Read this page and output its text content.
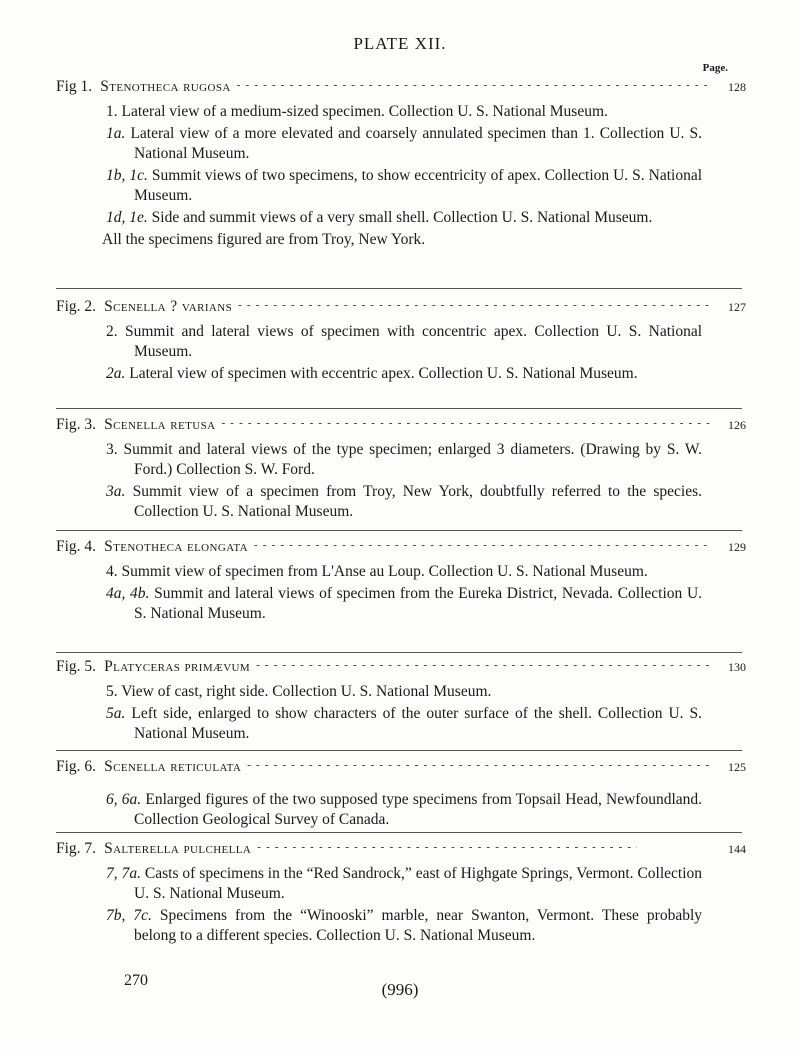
PLATE XII.
Page.
Fig 1. Stenotheca rugosa - - -	128
1. Lateral view of a medium-sized specimen. Collection U. S. National Museum.
1a. Lateral view of a more elevated and coarsely annulated specimen than 1. Collection U. S. National Museum.
1b, 1c. Summit views of two specimens, to show eccentricity of apex. Collection U. S. National Museum.
1d, 1e. Side and summit views of a very small shell. Collection U. S. National Museum.
All the specimens figured are from Troy, New York.
Fig. 2. Scenella ? varians - - -	127
2. Summit and lateral views of specimen with concentric apex. Collection U. S. National Museum.
2a. Lateral view of specimen with eccentric apex. Collection U. S. National Museum.
Fig. 3. Scenella retusa - - -	126
3. Summit and lateral views of the type specimen; enlarged 3 diameters. (Drawing by S. W. Ford.) Collection S. W. Ford.
3a. Summit view of a specimen from Troy, New York, doubtfully referred to the species. Collection U. S. National Museum.
Fig. 4. Stenotheca elongata - - -	129
4. Summit view of specimen from L'Anse au Loup. Collection U. S. National Museum.
4a, 4b. Summit and lateral views of specimen from the Eureka District, Nevada. Collection U. S. National Museum.
Fig. 5. Platyceras primævum - - -	130
5. View of cast, right side. Collection U. S. National Museum.
5a. Left side, enlarged to show characters of the outer surface of the shell. Collection U. S. National Museum.
Fig. 6. Scenella reticulata - - -	125
6, 6a. Enlarged figures of the two supposed type specimens from Topsail Head, Newfoundland. Collection Geological Survey of Canada.
Fig. 7. Salterella pulchella - - -	144
7, 7a. Casts of specimens in the “Red Sandrock,” east of Highgate Springs, Vermont. Collection U. S. National Museum.
7b, 7c. Specimens from the “Winooski” marble, near Swanton, Vermont. These probably belong to a different species. Collection U. S. National Museum.
270	(996)
